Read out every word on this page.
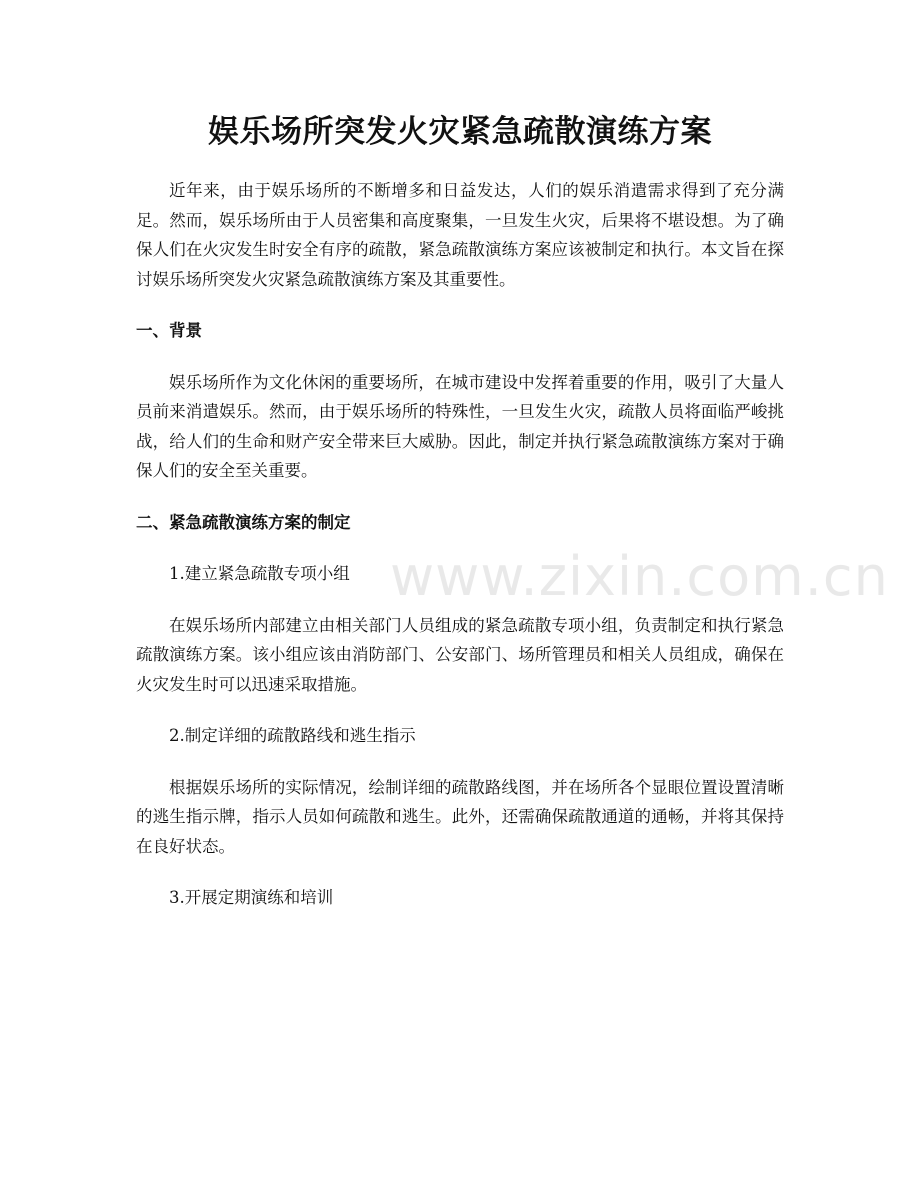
娱乐场所突发火灾紧急疏散演练方案

近年来，由于娱乐场所的不断增多和日益发达，人们的娱乐消遣需求得到了充分满足。然而，娱乐场所由于人员密集和高度聚集，一旦发生火灾，后果将不堪设想。为了确保人们在火灾发生时安全有序的疏散，紧急疏散演练方案应该被制定和执行。本文旨在探讨娱乐场所突发火灾紧急疏散演练方案及其重要性。

一、背景

娱乐场所作为文化休闲的重要场所，在城市建设中发挥着重要的作用，吸引了大量人员前来消遣娱乐。然而，由于娱乐场所的特殊性，一旦发生火灾，疏散人员将面临严峻挑战，给人们的生命和财产安全带来巨大威胁。因此，制定并执行紧急疏散演练方案对于确保人们的安全至关重要。

二、紧急疏散演练方案的制定

1.建立紧急疏散专项小组

在娱乐场所内部建立由相关部门人员组成的紧急疏散专项小组，负责制定和执行紧急疏散演练方案。该小组应该由消防部门、公安部门、场所管理员和相关人员组成，确保在火灾发生时可以迅速采取措施。

2.制定详细的疏散路线和逃生指示

根据娱乐场所的实际情况，绘制详细的疏散路线图，并在场所各个显眼位置设置清晰的逃生指示牌，指示人员如何疏散和逃生。此外，还需确保疏散通道的通畅，并将其保持在良好状态。

3.开展定期演练和培训

www.zixin.com.cn
